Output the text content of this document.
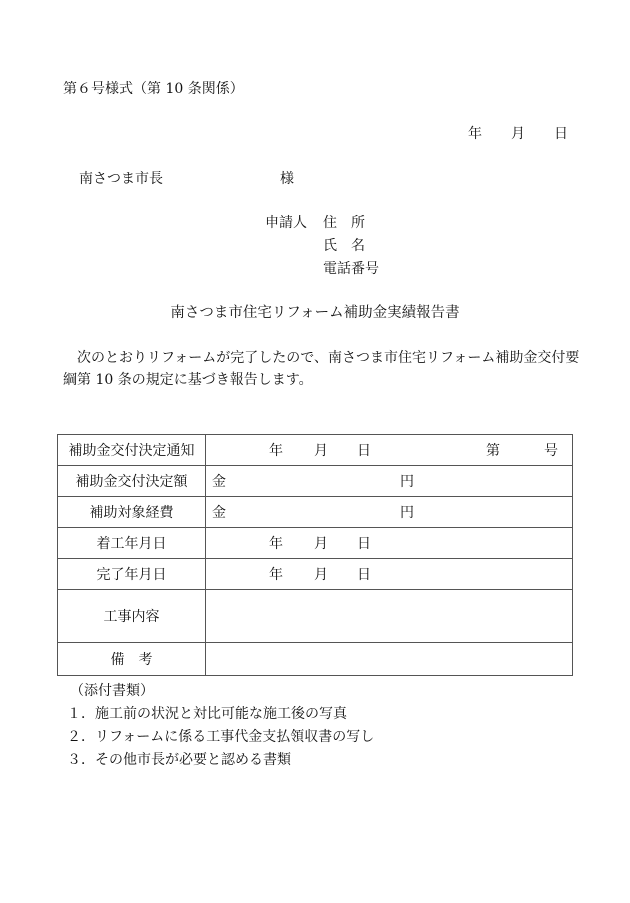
第６号様式（第 10 条関係）
年 月 日
南さつま市長	様
申請人 住　所
氏　名
電話番号
南さつま市住宅リフォーム補助金実績報告書
次のとおりリフォームが完了したので、南さつま市住宅リフォーム補助金交付要綱第 10 条の規定に基づき報告します。
補助金交付決定通知	年 月 日 第 号

補助金交付決定額	金 円

補助対象経費	金 円

着工年月日	年 月 日

完了年月日	年 月 日

工事内容	
備　考	
（添付書類）
１．施工前の状況と対比可能な施工後の写真
２．リフォームに係る工事代金支払領収書の写し
３．その他市長が必要と認める書類
